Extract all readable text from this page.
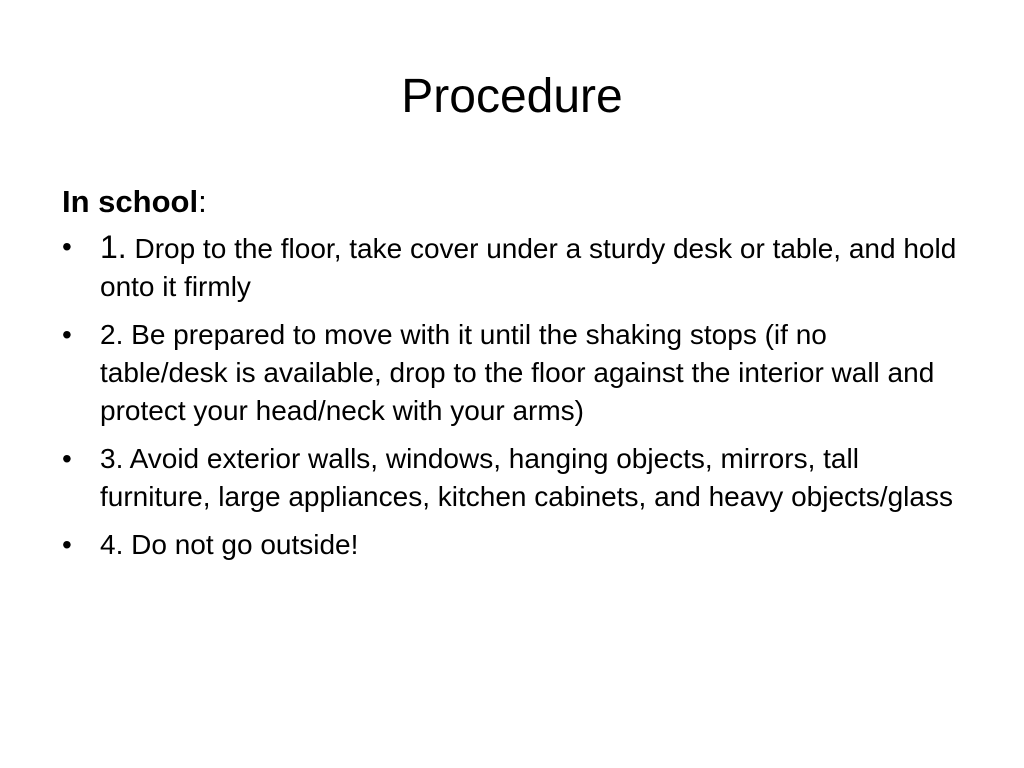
Procedure

In school:

• 1. Drop to the floor, take cover under a sturdy desk or table, and hold onto it firmly
•	2. Be prepared to move with it until the shaking stops (if no table/desk is available, drop to the floor against the interior wall and protect your head/neck with your arms)
•	3. Avoid exterior walls, windows, hanging objects, mirrors, tall furniture, large appliances, kitchen cabinets, and heavy objects/glass
•	4. Do not go outside!
